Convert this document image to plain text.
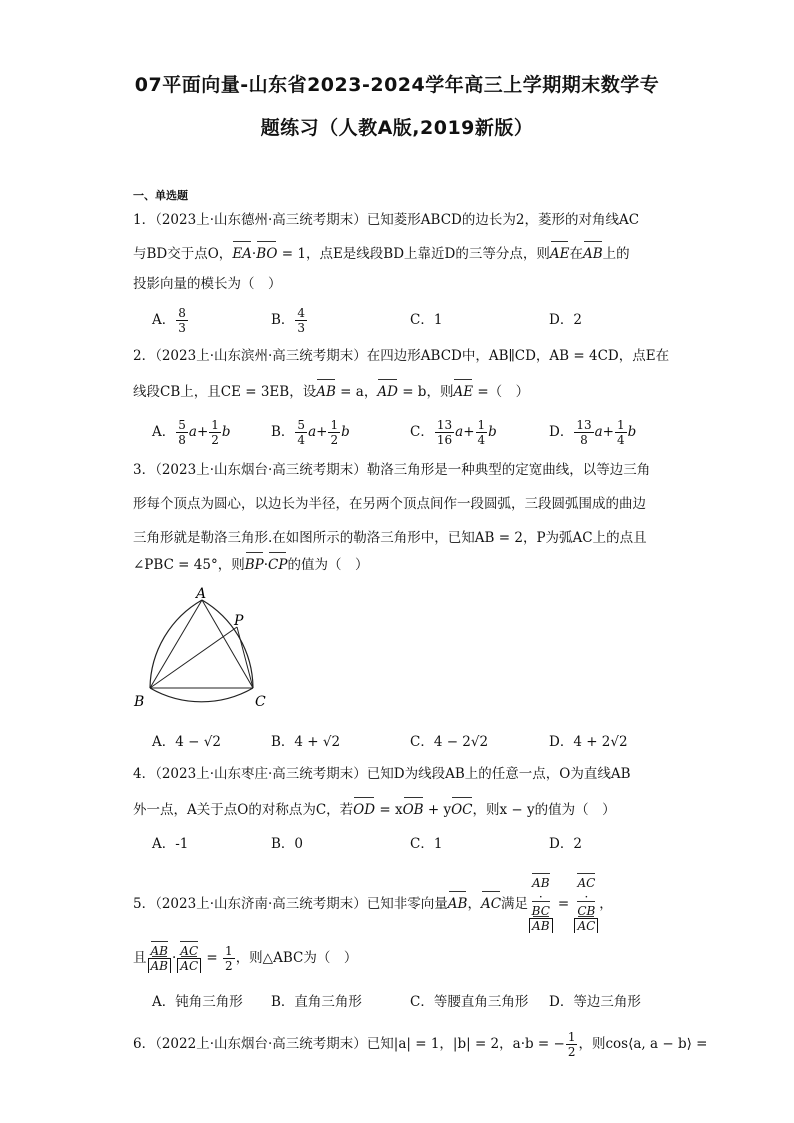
07平面向量-山东省2023-2024学年高三上学期期末数学专
题练习（人教A版,2019新版）
一、单选题
1．（2023上·山东德州·高三统考期末）已知菱形ABCD的边长为2，菱形的对角线AC
与BD交于点O，EA·BO = 1，点E是线段BD上靠近D的三等分点，则AE在AB上的
投影向量的模长为（　）
A． $\frac{8}{3}$	B． $\frac{4}{3}$	C．1	D．2
2．（2023上·山东滨州·高三统考期末）在四边形ABCD中，AB∥CD，AB = 4CD，点E在
线段CB上，且CE = 3EB，设AB = a，AD = b，则AE =（　）
A． $\frac{5}{8} a+ \frac{1}{2}$ b	B． $\frac{5}{4} a+ \frac{1}{2}$ b	C． $\frac{13}{16} a+ \frac{1}{4}$ b	D． $\frac{13}{8} a+ \frac{1}{4}$ b
3．（2023上·山东烟台·高三统考期末）勒洛三角形是一种典型的定宽曲线，以等边三角
形每个顶点为圆心，以边长为半径，在另两个顶点间作一段圆弧，三段圆弧围成的曲边
三角形就是勒洛三角形.在如图所示的勒洛三角形中，已知AB = 2，P为弧AC上的点且
∠PBC = 45°，则BP·CP的值为（　）
A
P
B	C
A．4 − √2	B．4 + √2	C．4 − 2√2	D．4 + 2√2
4．（2023上·山东枣庄·高三统考期末）已知D为线段AB上的任意一点，O为直线AB
外一点，A关于点O的对称点为C，若OD = xOB + yOC，则x − y的值为（　）
A．-1	B．0	C．1	D．2
5．（2023上·山东济南·高三统考期末）已知非零向量AB，AC满足 AB
·
BC
AB = AC
·
CB
AC ，
且 $\frac{AB}{AB} \cdot \frac{AC}{AC} = \frac{1}{2}$ ，则△ABC为（　）
A．钝角三角形 B．直角三角形	C．等腰直角三角形 D．等边三角形
6．（2022上·山东烟台·高三统考期末）已知|a| = 1，|b| = 2，a·b = − $\frac{1}{2}$ ，则cos⟨a, a − b⟩ =
